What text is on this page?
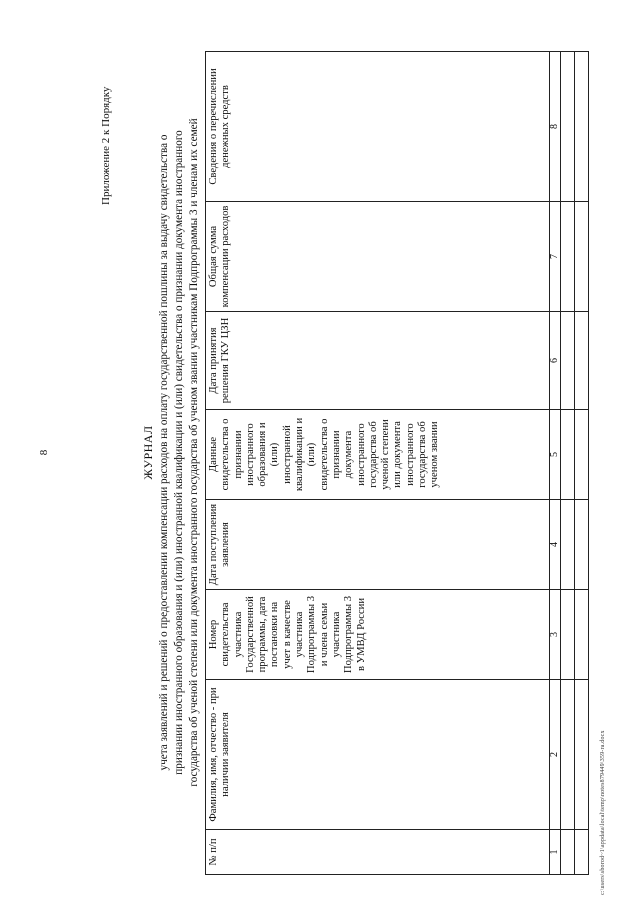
8
Приложение 2 к Порядку
ЖУРНАЛ учета заявлений и решений о предоставлении компенсации расходов на оплату государственной пошлины за выдачу свидетельства о признании иностранного образования и (или) иностранной квалификации и (или) свидетельства о признании документа иностранного государства об ученой степени или документа иностранного государства об ученом звании участникам Подпрограммы 3 и членам их семей
№ п/п	Фамилия, имя, отчество - при наличии заявителя	Номер свидетельства участника Государственной программы, дата постановки на учет в качестве участника Подпрограммы 3 и члена семьи участника Подпрограммы 3 в УМВД России	Дата поступления заявления	Данные свидетельства о признании иностранного образования и (или) иностранной квалификации и (или) свидетельства о признании документа иностранного государства об ученой степени или документа иностранного государства об ученом звании	Дата принятия решения ГКУ ЦЗН	Общая сумма компенсации расходов	Сведения о перечислении денежных средств
1	2	3	4	5	6	7	8

c:\users\sborod~1\appdata\local\temp\notes879449\359-ra.docx
